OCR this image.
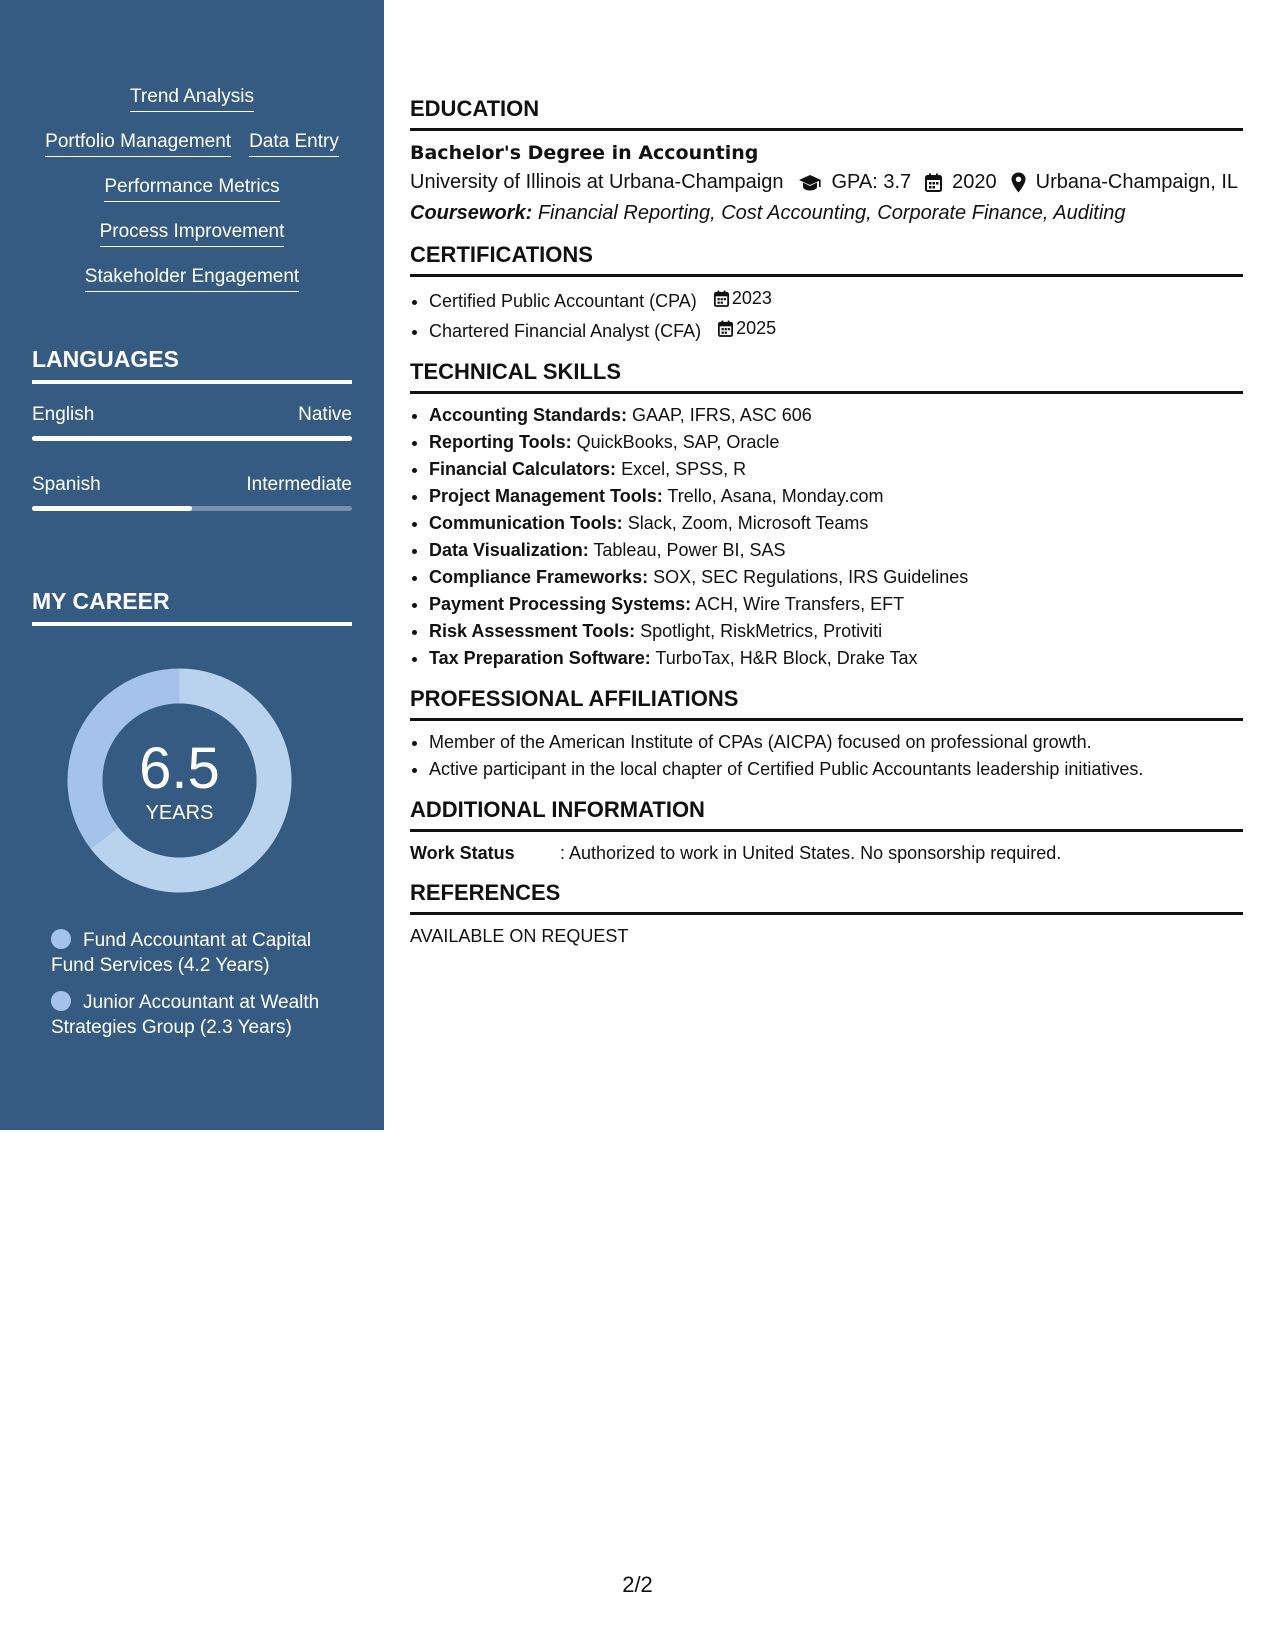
Trend Analysis
Portfolio Management Data Entry
Performance Metrics
Process Improvement
Stakeholder Engagement
LANGUAGES
English	Native
Spanish	Intermediate
MY CAREER
6.5
YEARS
Fund Accountant at Capital Fund Services (4.2 Years)
Junior Accountant at Wealth Strategies Group (2.3 Years)
EDUCATION
Bachelor's Degree in Accounting
University of Illinois at Urbana-Champaign GPA: 3.7 2020 Urbana-Champaign, IL
Coursework: Financial Reporting, Cost Accounting, Corporate Finance, Auditing
CERTIFICATIONS
• Certified Public Accountant (CPA) 2023
• Chartered Financial Analyst (CFA) 2025
TECHNICAL SKILLS
• Accounting Standards: GAAP, IFRS, ASC 606
• Reporting Tools: QuickBooks, SAP, Oracle
• Financial Calculators: Excel, SPSS, R
• Project Management Tools: Trello, Asana, Monday.com
• Communication Tools: Slack, Zoom, Microsoft Teams
• Data Visualization: Tableau, Power BI, SAS
• Compliance Frameworks: SOX, SEC Regulations, IRS Guidelines
• Payment Processing Systems: ACH, Wire Transfers, EFT
• Risk Assessment Tools: Spotlight, RiskMetrics, Protiviti
• Tax Preparation Software: TurboTax, H&R Block, Drake Tax
PROFESSIONAL AFFILIATIONS
• Member of the American Institute of CPAs (AICPA) focused on professional growth.
• Active participant in the local chapter of Certified Public Accountants leadership initiatives.
ADDITIONAL INFORMATION
Work Status	: Authorized to work in United States. No sponsorship required.
REFERENCES
AVAILABLE ON REQUEST
2/2
